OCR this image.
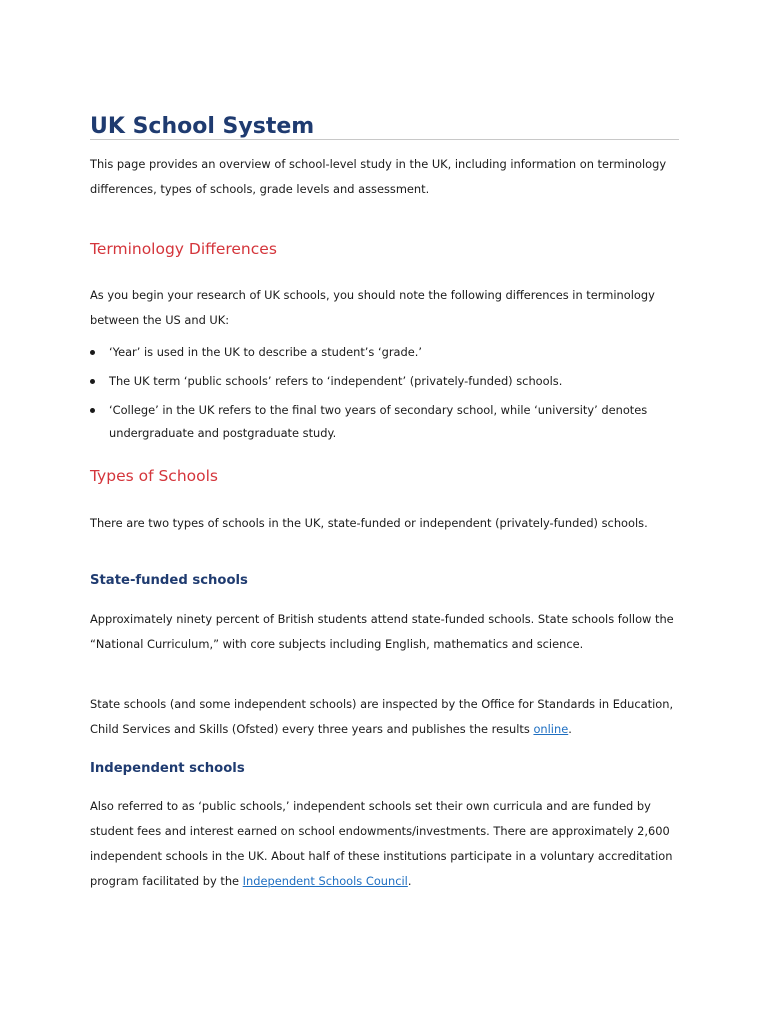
UK School System

This page provides an overview of school-level study in the UK, including information on terminology differences, types of schools, grade levels and assessment.

Terminology Differences

As you begin your research of UK schools, you should note the following differences in terminology between the US and UK:

‘Year’ is used in the UK to describe a student’s ‘grade.’
The UK term ‘public schools’ refers to ‘independent’ (privately-funded) schools.
‘College’ in the UK refers to the final two years of secondary school, while ‘university’ denotes undergraduate and postgraduate study.
Types of Schools

There are two types of schools in the UK, state-funded or independent (privately-funded) schools.

State-funded schools

Approximately ninety percent of British students attend state-funded schools. State schools follow the “National Curriculum,” with core subjects including English, mathematics and science.

State schools (and some independent schools) are inspected by the Office for Standards in Education, Child Services and Skills (Ofsted) every three years and publishes the results online.

Independent schools

Also referred to as ‘public schools,’ independent schools set their own curricula and are funded by student fees and interest earned on school endowments/investments. There are approximately 2,600 independent schools in the UK. About half of these institutions participate in a voluntary accreditation program facilitated by the Independent Schools Council.
